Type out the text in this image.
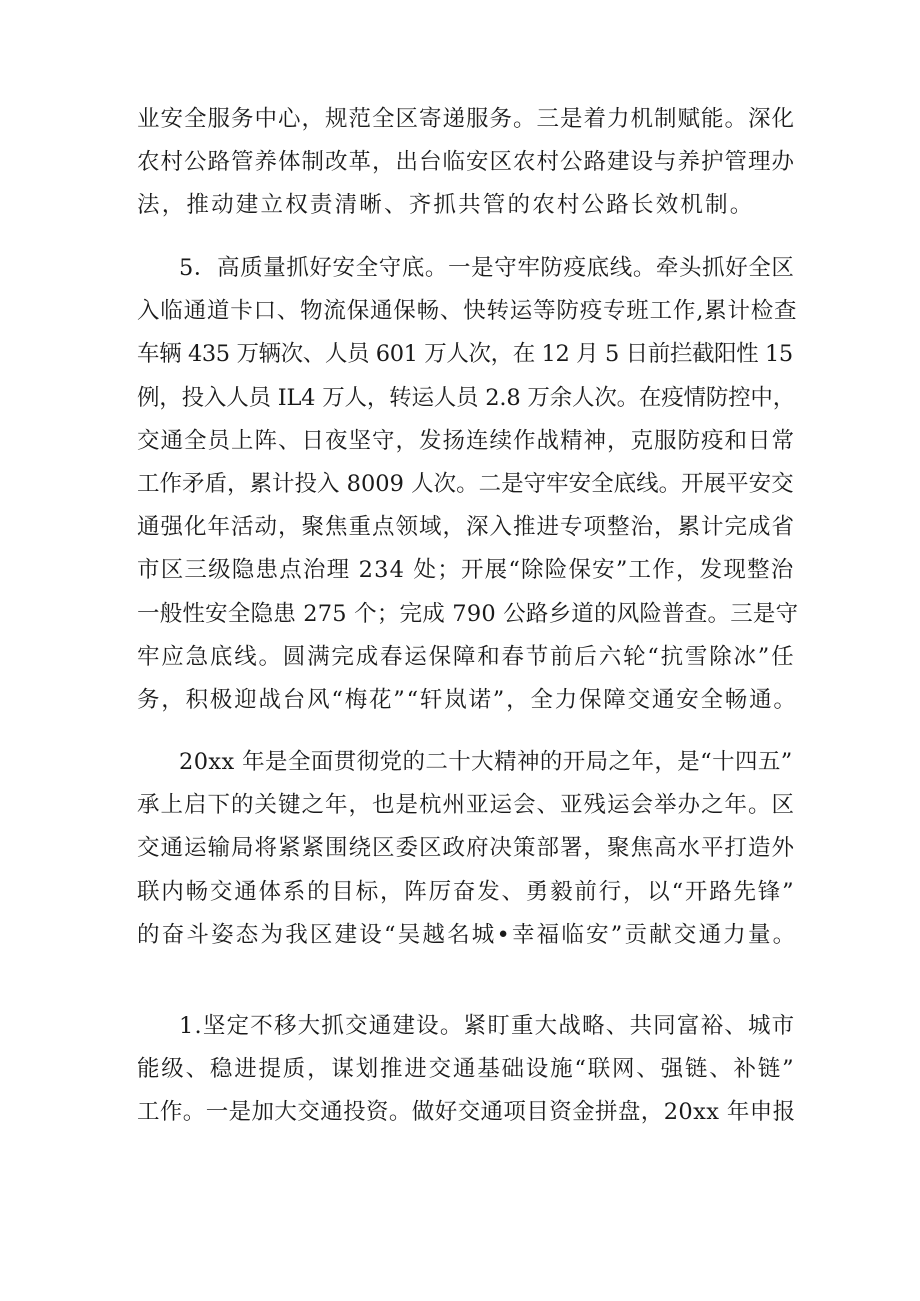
业安全服务中心，规范全区寄递服务。三是着力机制赋能。深化
农村公路管养体制改革，出台临安区农村公路建设与养护管理办
法，推动建立权责清晰、齐抓共管的农村公路长效机制。
5．高质量抓好安全守底。一是守牢防疫底线。牵头抓好全区
入临通道卡口、物流保通保畅、快转运等防疫专班工作,累计检查
车辆 435 万辆次、人员 601 万人次，在 12 月 5 日前拦截阳性 15
例，投入人员 IL4 万人，转运人员 2.8 万余人次。在疫情防控中，
交通全员上阵、日夜坚守，发扬连续作战精神，克服防疫和日常
工作矛盾，累计投入 8009 人次。二是守牢安全底线。开展平安交
通强化年活动，聚焦重点领域，深入推进专项整治，累计完成省
市区三级隐患点治理 234 处；开展“除险保安”工作，发现整治
一般性安全隐患 275 个；完成 790 公路乡道的风险普查。三是守
牢应急底线。圆满完成春运保障和春节前后六轮“抗雪除冰”任
务，积极迎战台风“梅花”“轩岚诺”，全力保障交通安全畅通。
20xx 年是全面贯彻党的二十大精神的开局之年，是“十四五”
承上启下的关键之年，也是杭州亚运会、亚残运会举办之年。区
交通运输局将紧紧围绕区委区政府决策部署，聚焦高水平打造外
联内畅交通体系的目标，阵厉奋发、勇毅前行，以“开路先锋”
的奋斗姿态为我区建设“吴越名城•幸福临安”贡献交通力量。
1.坚定不移大抓交通建设。紧盯重大战略、共同富裕、城市
能级、稳进提质，谋划推进交通基础设施“联网、强链、补链”
工作。一是加大交通投资。做好交通项目资金拼盘，20xx 年申报
